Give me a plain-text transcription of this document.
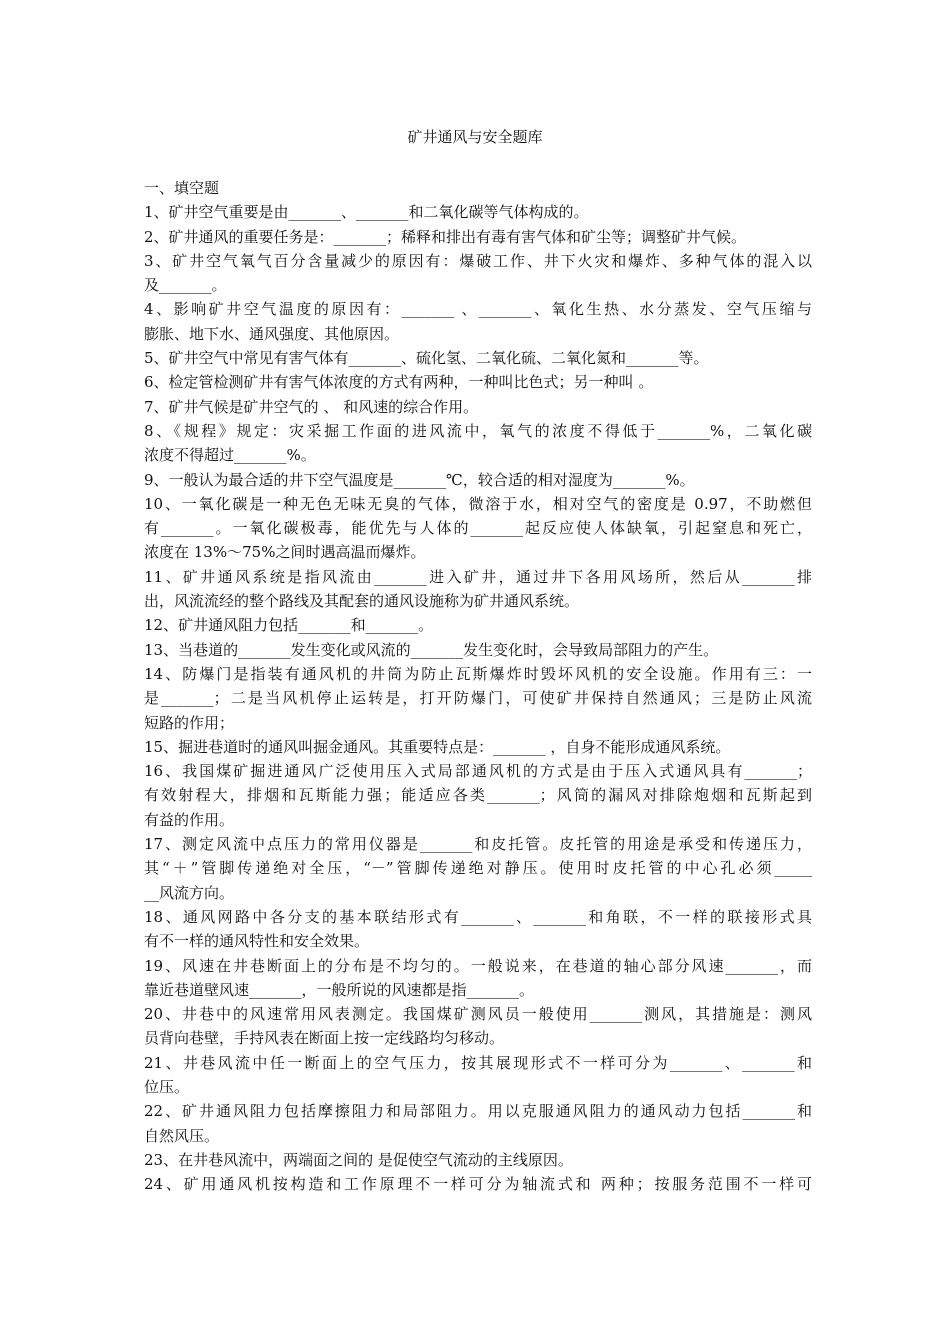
矿井通风与安全题库
一、填空题
1、矿井空气重要是由_______、_______和二氧化碳等气体构成的。
2、矿井通风的重要任务是：_______；稀释和排出有毒有害气体和矿尘等；调整矿井气候。
3、矿井空气氧气百分含量减少的原因有：爆破工作、井下火灾和爆炸、多种气体的混入以
及_______。
4、影响矿井空气温度的原因有：_______ 、_______、氧化生热、水分蒸发、空气压缩与
膨胀、地下水、通风强度、其他原因。
5、矿井空气中常见有害气体有_______、硫化氢、二氧化硫、二氧化氮和_______等。
6、检定管检测矿井有害气体浓度的方式有两种，一种叫比色式；另一种叫 。
7、矿井气候是矿井空气的 、 和风速的综合作用。
8、《规程》规定：灾采掘工作面的进风流中，氧气的浓度不得低于_______%，二氧化碳
浓度不得超过_______%。
9、一般认为最合适的井下空气温度是_______℃，较合适的相对湿度为_______%。
10、一氧化碳是一种无色无味无臭的气体，微溶于水，相对空气的密度是 0.97，不助燃但
有_______。一氧化碳极毒，能优先与人体的_______起反应使人体缺氧，引起窒息和死亡，
浓度在 13%～75%之间时遇高温而爆炸。
11、矿井通风系统是指风流由_______进入矿井，通过井下各用风场所，然后从_______排
出，风流流经的整个路线及其配套的通风设施称为矿井通风系统。
12、矿井通风阻力包括_______和_______。
13、当巷道的_______发生变化或风流的_______发生变化时，会导致局部阻力的产生。
14、防爆门是指装有通风机的井筒为防止瓦斯爆炸时毁坏风机的安全设施。作用有三：一
是_______；二是当风机停止运转是，打开防爆门，可使矿井保持自然通风；三是防止风流
短路的作用；
15、掘进巷道时的通风叫掘金通风。其重要特点是：_______ ，自身不能形成通风系统。
16、我国煤矿掘进通风广泛使用压入式局部通风机的方式是由于压入式通风具有_______；
有效射程大，排烟和瓦斯能力强；能适应各类_______；风筒的漏风对排除炮烟和瓦斯起到
有益的作用。
17、测定风流中点压力的常用仪器是_______和皮托管。皮托管的用途是承受和传递压力，
其“＋”管脚传递绝对全压，“－”管脚传递绝对静压。使用时皮托管的中心孔必须_____
__风流方向。
18、通风网路中各分支的基本联结形式有_______、_______和角联，不一样的联接形式具
有不一样的通风特性和安全效果。
19、风速在井巷断面上的分布是不均匀的。一般说来，在巷道的轴心部分风速_______，而
靠近巷道壁风速_______，一般所说的风速都是指_______。
20、井巷中的风速常用风表测定。我国煤矿测风员一般使用_______测风，其措施是：测风
员背向巷壁，手持风表在断面上按一定线路均匀移动。
21、井巷风流中任一断面上的空气压力，按其展现形式不一样可分为_______、_______和
位压。
22、矿井通风阻力包括摩擦阻力和局部阻力。用以克服通风阻力的通风动力包括_______和
自然风压。
23、在井巷风流中，两端面之间的 是促使空气流动的主线原因。
24、矿用通风机按构造和工作原理不一样可分为轴流式和 两种；按服务范围不一样可
